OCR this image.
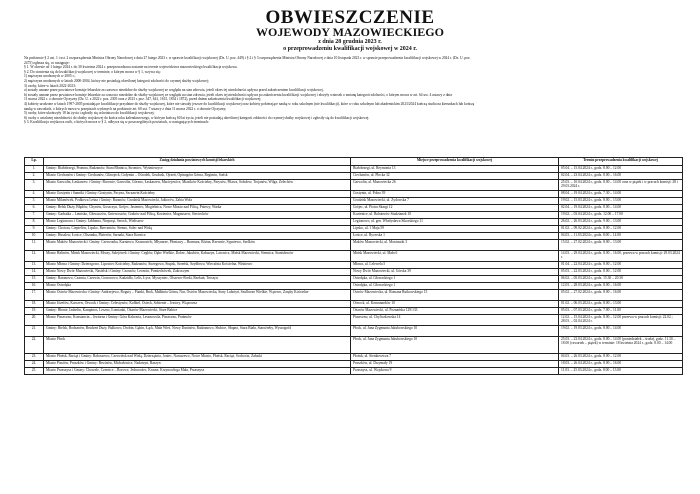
OBWIESZCZENIE
WOJEWODY MAZOWIECKIEGO
z dnia 28 grudnia 2023 r.
o przeprowadzeniu kwalifikacji wojskowej w 2024 r.

Na podstawie § 2 ust. 1 i ust. 2 rozporządzenia Ministra Obrony Narodowej z dnia 27 lutego 2023 r. w sprawie kwalifikacji wojskowej (Dz. U. poz. 449) i § 2 i § 3 rozporządzenia Ministra Obrony Narodowej z dnia 10 listopada 2023 r. w sprawie przeprowadzenia kwalifikacji wojskowej w 2024 r. (Dz. U. poz.

2475) ogłasza się, co następuje:

§ 1. W okresie od 1 lutego 2024 r. do 30 kwietnia 2024 r. przeprowadzona zostanie na terenie województwa mazowieckiego kwalifikacja wojskowa.

§ 2. Do stawienia się do kwalifikacji wojskowej w terminie, o którym mowa w § 1, wzywa się:

1) mężczyzn urodzonych w 2005 r.;

2) mężczyzn urodzonych w latach 2000-2004, którzy nie posiadają określonej kategorii zdolności do czynnej służby wojskowej;

3) osoby, które w latach 2022-2023:

a) zostały uznane przez powiatowe komisje lekarskie za czasowo niezdolne do służby wojskowej ze względu na stan zdrowia, jeżeli okres tej niezdolności upływa przed zakończeniem kwalifikacji wojskowej,

b) zostały uznane przez powiatowe komisje lekarskie za czasowo niezdolne do służby wojskowej ze względu na stan zdrowia, jeżeli okres tej niezdolności upływa po zakończeniu kwalifikacji wojskowej i złożyły wniosek o zmianę kategorii zdolności, o którym mowa w art. 64 ust. 4 ustawy z dnia

11 marca 2022 r. o obronie Ojczyzny (Dz. U. z 2022 r. poz. 2305 oraz z 2023 r. poz. 347, 641, 1615, 1834 i 1872), przed dniem zakończenia kwalifikacji wojskowej;

4) kobiety urodzone w latach 1997-2005 posiadające kwalifikacje przydatne do służby wojskowej, które nie stawały jeszcze do kwalifikacji wojskowej oraz kobiety pobierające naukę w roku szkolnym (nie kwalifikacji), które w roku szkolnym lub akademickim 2023/2024 kończą studia na kierunkach lub kończą

naukę w zawodach, o których mowa w przepisach wydanych na podstawie art. 60 ust. 7 ustawy z dnia 11 marca 2022 r. o obronie Ojczyzny;

5) osoby, które ukończyły 18 lat życia i zgłosiły się ochotniczo do kwalifikacji wojskowej;

6) osoby o ustalonej niezdolności do służby wojskowej do końca roku kalendarzowego, w którym kończą 60 lat życia, jeżeli nie posiadają określonej kategorii zdolności do czynnej służby wojskowej i zgłosiły się do kwalifikacji wojskowej.

§ 3. Kwalifikacja wojskowa osób, o których mowa w § 2, odbywa się w poszczególnych powiatach, w następujących terminach:

Lp.	Zasięg działania powiatowych komisji lekarskich	Miejsce przeprowadzenia kwalifikacji wojskowej	Termin przeprowadzenia kwalifikacji wojskowej
1.	Gminy: Białobrzegi, Promna, Radzanów, Stara Błotnica, Stromiec, Wyśmierzyce	Białobrzegi, ul. Reymonta 13	05.04. – 15.04.2024 r., godz. 8.00 – 12.00
2.	Miasto Ciechanów i Gminy: Ciechanów, Glinojeck, Gołymin – Ośrodek, Grudusk, Ojrzeń, Opinogóra Górna, Regimin, Sońsk	Ciechanów, ul. Płocka 32	02.04. – 23.04.2024 r., godz. 8.00 – 16.00
3.	Miasto Garwolin, Łaskarzew i Gminy: Borowie, Garwolin, Górzno, Łaskarzew, Maciejowice, Miastków Kościelny, Parysów, Pilawa, Sobolew, Trojanów, Wilga, Żelechów	Garwolin, al. Mazowiecka 26	25.03. – 10.04.2024 r., godz. 8.00 – 14.00 oraz w piątek i w pracach komisji: 28 i 29.03.2024 r.
4.	Miasto Gostynin i Sanniki i Gminy: Gostynin, Pacyna, Szczawin Kościelny	Gostynin, ul. Polna 39	08.04. – 19.04.2024 r., godz. 7.30 – 14.00
5.	Miasto Milanówek, Podkowa Leśna i Gminy: Baranów, Grodzisk Mazowiecki, Jaktorów, Żabia Wola	Grodzisk Mazowiecki, ul. Żydowska 7	19.02. – 15.03.2024 r., godz. 8.00 – 13.00
6.	Gminy: Belsk Duży, Błędów, Chynów, Goszczyn, Grójec, Jasieniec, Mogielnica, Nowe Miasto nad Pilicą, Pniewy, Warka	Grójec, ul. Piotra Skargi 12	02.04. – 19.04.2024 r., godz. 8.00 – 14.00
7.	Gminy: Garbatka – Letnisko, Głowaczów, Gniewoszów, Grabów nad Pilicą, Kozienice, Magnuszew, Sieciechów	Kozienice, ul. Bohaterów Studzianek 10	19.02. – 03.04.2024 r., godz. 12.00 – 17.00
8.	Miasto Legionowo i Gminy: Jabłonna, Nieporęt, Serock, Wieliszew	Legionowo, ul. gen. Władysława Sikorskiego 11	26.02. – 26.03.2024 r., godz. 9.00 – 13.00
9.	Gminy: Chotcza, Ciepielów, Lipsko, Rzeczniów, Sienno, Solec nad Wisłą	Lipsko, ul. 1 Maja 59	01.02. – 09.02.2024 r., godz. 8.00 – 12.00
10.	Gminy: Huszlew, Łosice, Olszanka, Platerów, Sarnaki, Stara Kornica	Łosice, ul. Rycerska 1	04.03. – 11.03.2024 r., godz. 8.00 – 14.00
11.	Miasto Maków Mazowiecki i Gminy: Czerwonka, Karniewo, Krasnosielc, Młynarze, Płoniawy – Bramura, Różan, Rzewnie, Sypniewo, Szelków	Maków Mazowiecki, ul. Moniuszki 3	15.02. – 27.02.2024 r., godz. 8.00 – 13.00
12.	Miasto Halinów, Mińsk Mazowiecki, Mrozy, Sulejówek i Gminy: Cegłów, Dębe Wielkie, Dobre, Jakubów, Kałuszyn, Latowicz, Mińsk Mazowiecki, Siennica, Stanisławów	Mińsk Mazowiecki, ul. Mała 6	14.03. – 29.04.2024 r., godz. 8.00 – 16.00, przerwa w pracach komisji: 29.03.2024 r.
13.	Miasto Mława i Gminy: Dzierzgowo, Lipowiec Kościelny, Radzanów, Strzegowo, Stupsk, Szreńsk, Szydłowo, Wieczfnia Kościelna, Wiśniewo	Mława, ul. Lelewela 5	01.04. – 22.04.2024 r., godz. 8.00 – 12.00
14.	Miasto Nowy Dwór Mazowiecki, Nasielsk i Gminy: Czosnów, Leoncin, Pomiechówek, Zakroczym	Nowy Dwór Mazowiecki, ul. Górska 39	05.03. – 22.03.2024 r., godz. 8.00 – 12.00
15.	Gminy: Baranowo, Czarnia, Czerwin, Goworowo, Kadzidło, Lelis, Łyse, Myszyniec, Olszewo-Borki, Rzekuń, Troszyn	Ostrołęka, ul. Głowackiego 1	06.02. – 05.03.2024 r., godz. 15.30 – 20.30
16.	Miasto Ostrołęka	Ostrołęka, ul. Głowackiego 1	12.03. – 28.03.2024 r., godz. 8.00 – 16.00
17.	Miasto Ostrów Mazowiecka i Gminy: Andrzejewo, Boguty – Pianki, Brok, Małkinia Górna, Nur, Ostrów Mazowiecka, Stary Lubotyń, Szulborze Wielkie, Wąsewo, Zaręby Kościelne	Ostrów Mazowiecka, ul. Romana Rutkowskiego 15	05.02. – 27.02.2024 r., godz. 8.00 – 16.00
18.	Miasto Józefów, Karczew, Otwock i Gminy: Celestynów, Kołbiel, Osieck, Sobienie – Jeziory, Wiązowna	Otwock, ul. Komunardów 10	01.02. – 06.03.2024 r., godz. 8.00 – 13.00
19.	Gminy: Błonie, Izabelin, Kampinos, Leszno, Łomianki, Ożarów Mazowiecki, Stare Babice	Ożarów Mazowiecki, ul. Poznańska 129/133	05.03. – 07.03.2024 r., godz. 7.00 – 11.00
20.	Miasto Piaseczno, Konstancin – Jeziorna i Gminy: Góra Kalwaria, Lesznowola, Piaseczno, Prażmów	Piaseczno, ul. Chyliczkowska 14	12.02. – 15.04.2024 r., godz. 8.00 – 12.00 przerwa w pracach komisji: 22.02.; 28.03. – 02.04.2024 r.
21.	Gminy: Bielsk, Bodzanów, Brudzeń Duży, Bulkowo, Drobin, Gąbin, Łąck, Mała Wieś, Nowy Duninów, Radzanowo, Słubice, Słupno, Stara Biała, Staroźreby, Wyszogród	Płock, ul. Jana Zygmunta Jakubowskiego 10	19.02. – 19.03.2024 r., godz. 8.00 – 14.00
22.	Miasto Płock	Płock, ul. Jana Zygmunta Jakubowskiego 10	25.03. – 23.04.2024 r., godz. 8.00 – 14.00 (poniedziałek – środa), godz. 11.30 – 18.00 (czwartek – piątek) w terminie: 18 kwietnia 2024 r., godz. 8.00 – 14.00
23.	Miasto Płońsk, Raciąż i Gminy: Baboszewo, Czerwińsk nad Wisłą, Dzierzążnia, Joniec, Naruszewo, Nowe Miasto, Płońsk, Raciąż, Sochocin, Załuski	Płońsk, ul. Sienkiewicza 7	04.03. – 26.03.2024 r., godz. 8.00 – 12.00
24.	Miasto Piastów, Pruszków i Gminy: Brwinów, Michałowice, Nadarzyn, Raszyn	Pruszków, ul. Drzymały 19	18.03. – 26.04.2024 r., godz. 8.00 – 16.00
25.	Miasto Przasnysz i Gminy: Chorzele, Czernice – Borowe, Jednorożec, Krasne, Krzynowłoga Mała, Przasnysz	Przasnysz, ul. Wojskowa 9	11.03. – 25.03.2024 r., godz. 8.00 – 13.00
